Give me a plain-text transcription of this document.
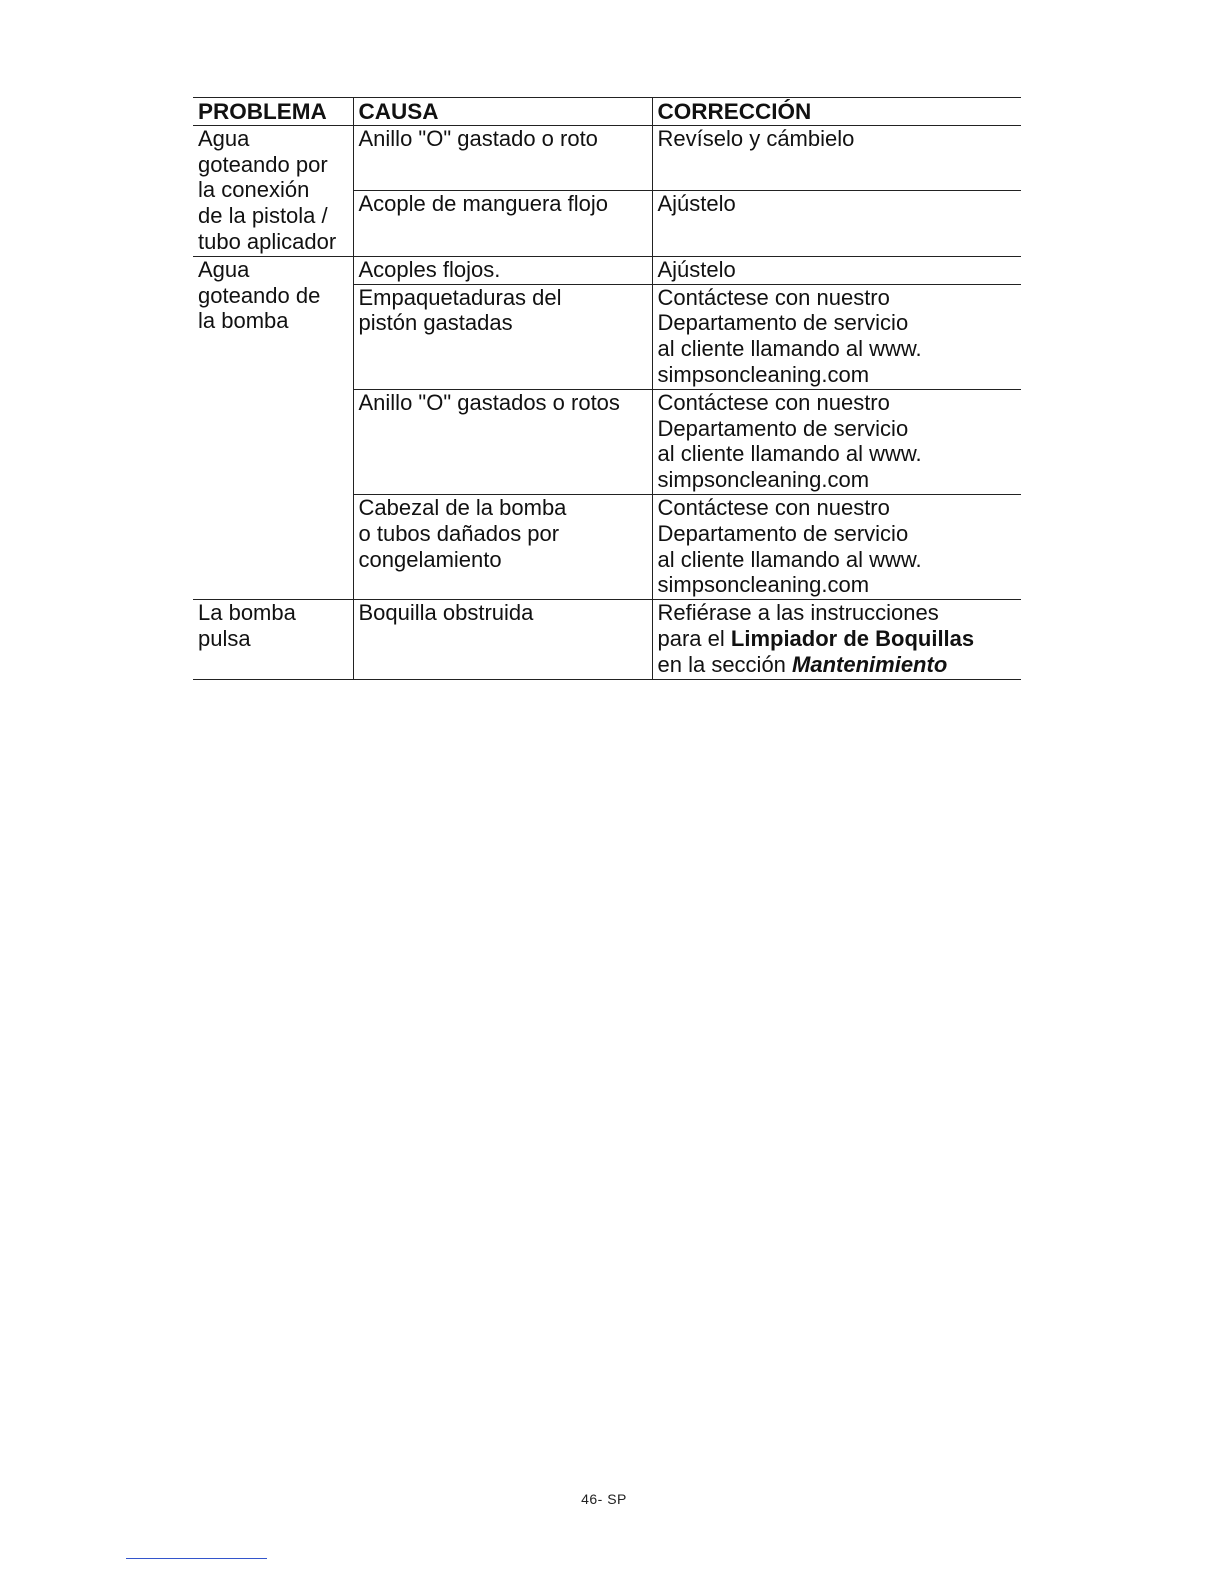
PROBLEMA	CAUSA	CORRECCIÓN

Agua
goteando por
la conexión
de la pistola /
tubo aplicador	Anillo "O" gastado o roto	Revíselo y cámbielo

	Acople de manguera flojo	Ajústelo

Agua
goteando de
la bomba	Acoples flojos.	Ajústelo

	Empaquetaduras del
pistón gastadas	Contáctese con nuestro
Departamento de servicio
al cliente llamando al www.
simpsoncleaning.com

	Anillo "O" gastados o rotos	Contáctese con nuestro
Departamento de servicio
al cliente llamando al www.
simpsoncleaning.com

	Cabezal de la bomba
o tubos dañados por
congelamiento	Contáctese con nuestro
Departamento de servicio
al cliente llamando al www.
simpsoncleaning.com

La bomba
pulsa	Boquilla obstruida	Refiérase a las instrucciones
para el Limpiador de Boquillas
en la sección Mantenimiento
46- SP
